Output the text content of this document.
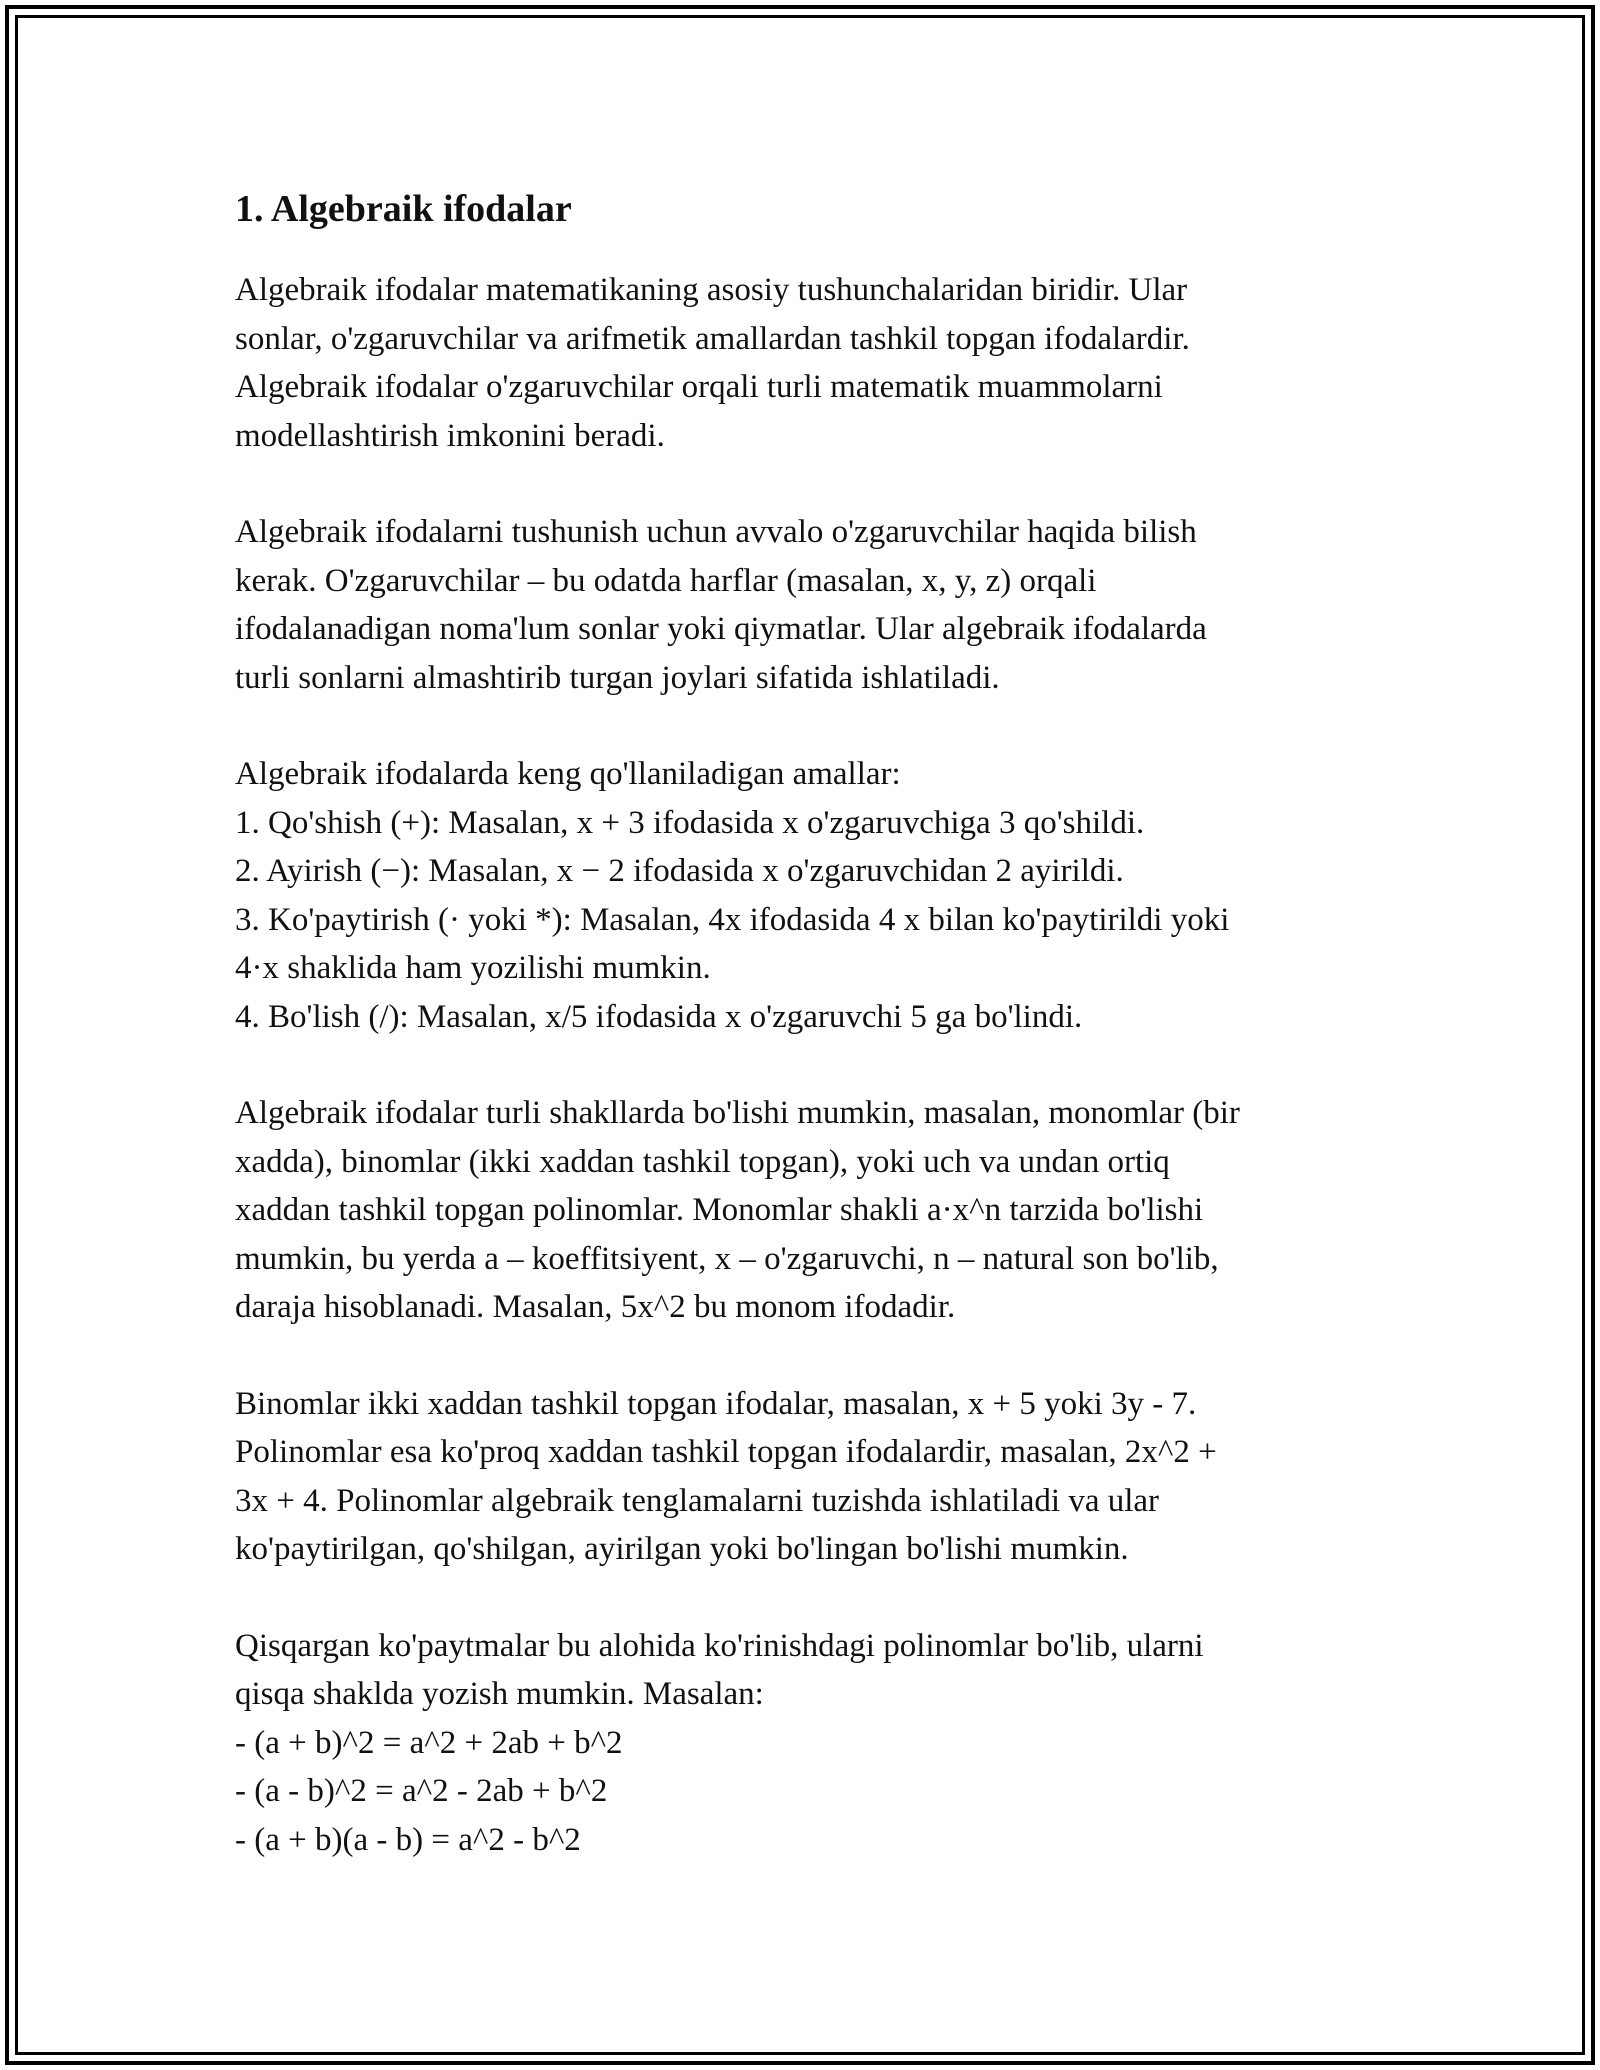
1. Algebraik ifodalar

Algebraik ifodalar matematikaning asosiy tushunchalaridan biridir. Ular
sonlar, o'zgaruvchilar va arifmetik amallardan tashkil topgan ifodalardir.
Algebraik ifodalar o'zgaruvchilar orqali turli matematik muammolarni
modellashtirish imkonini beradi.

Algebraik ifodalarni tushunish uchun avvalo o'zgaruvchilar haqida bilish
kerak. O'zgaruvchilar – bu odatda harflar (masalan, x, y, z) orqali
ifodalanadigan noma'lum sonlar yoki qiymatlar. Ular algebraik ifodalarda
turli sonlarni almashtirib turgan joylari sifatida ishlatiladi.

Algebraik ifodalarda keng qo'llaniladigan amallar:
1. Qo'shish (+): Masalan, x + 3 ifodasida x o'zgaruvchiga 3 qo'shildi.
2. Ayirish (−): Masalan, x − 2 ifodasida x o'zgaruvchidan 2 ayirildi.
3. Ko'paytirish (· yoki *): Masalan, 4x ifodasida 4 x bilan ko'paytirildi yoki
4·x shaklida ham yozilishi mumkin.
4. Bo'lish (/): Masalan, x/5 ifodasida x o'zgaruvchi 5 ga bo'lindi.

Algebraik ifodalar turli shakllarda bo'lishi mumkin, masalan, monomlar (bir
xadda), binomlar (ikki xaddan tashkil topgan), yoki uch va undan ortiq
xaddan tashkil topgan polinomlar. Monomlar shakli a·x^n tarzida bo'lishi
mumkin, bu yerda a – koeffitsiyent, x – o'zgaruvchi, n – natural son bo'lib,
daraja hisoblanadi. Masalan, 5x^2 bu monom ifodadir.

Binomlar ikki xaddan tashkil topgan ifodalar, masalan, x + 5 yoki 3y - 7.
Polinomlar esa ko'proq xaddan tashkil topgan ifodalardir, masalan, 2x^2 +
3x + 4. Polinomlar algebraik tenglamalarni tuzishda ishlatiladi va ular
ko'paytirilgan, qo'shilgan, ayirilgan yoki bo'lingan bo'lishi mumkin.

Qisqargan ko'paytmalar bu alohida ko'rinishdagi polinomlar bo'lib, ularni
qisqa shaklda yozish mumkin. Masalan:
- (a + b)^2 = a^2 + 2ab + b^2
- (a - b)^2 = a^2 - 2ab + b^2
- (a + b)(a - b) = a^2 - b^2
